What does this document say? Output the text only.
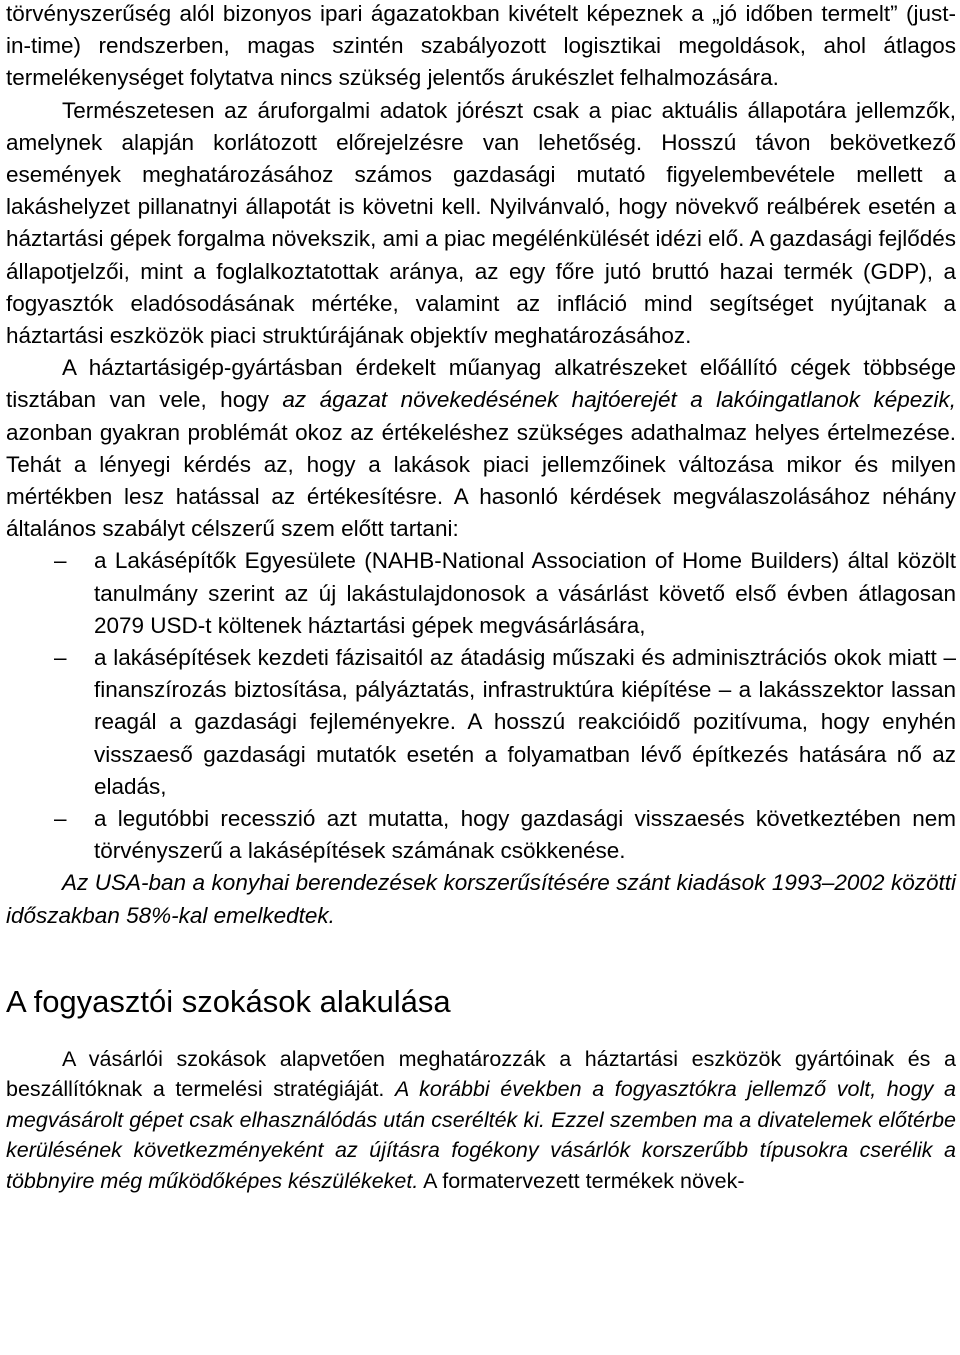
törvényszerűség alól bizonyos ipari ágazatokban kivételt képeznek a „jó időben termelt” (just-in-time) rendszerben, magas szintén szabályozott logisztikai megoldások, ahol átlagos termelékenységet folytatva nincs szükség jelentős árukészlet felhalmozására.

Természetesen az áruforgalmi adatok jórészt csak a piac aktuális állapotára jellemzők, amelynek alapján korlátozott előrejelzésre van lehetőség. Hosszú távon bekövetkező események meghatározásához számos gazdasági mutató figyelembevétele mellett a lakáshelyzet pillanatnyi állapotát is követni kell. Nyilvánvaló, hogy növekvő reálbérek esetén a háztartási gépek forgalma növekszik, ami a piac megélénkülését idézi elő. A gazdasági fejlődés állapotjelzői, mint a foglalkoztatottak aránya, az egy főre jutó bruttó hazai termék (GDP), a fogyasztók eladósodásának mértéke, valamint az infláció mind segítséget nyújtanak a háztartási eszközök piaci struktúrájának objektív meghatározásához.

A háztartásigép-gyártásban érdekelt műanyag alkatrészeket előállító cégek többsége tisztában van vele, hogy az ágazat növekedésének hajtóerejét a lakóingatlanok képezik, azonban gyakran problémát okoz az értékeléshez szükséges adathalmaz helyes értelmezése. Tehát a lényegi kérdés az, hogy a lakások piaci jellemzőinek változása mikor és milyen mértékben lesz hatással az értékesítésre. A hasonló kérdések megválaszolásához néhány általános szabályt célszerű szem előtt tartani:

– a Lakásépítők Egyesülete (NAHB-National Association of Home Builders) által közölt tanulmány szerint az új lakástulajdonosok a vásárlást követő első évben átlagosan 2079 USD-t költenek háztartási gépek megvásárlására,
– a lakásépítések kezdeti fázisaitól az átadásig műszaki és adminisztrációs okok miatt – finanszírozás biztosítása, pályáztatás, infrastruktúra kiépítése – a lakásszektor lassan reagál a gazdasági fejleményekre. A hosszú reakcióidő pozitívuma, hogy enyhén visszaeső gazdasági mutatók esetén a folyamatban lévő építkezés hatására nő az eladás,
– a legutóbbi recesszió azt mutatta, hogy gazdasági visszaesés következtében nem törvényszerű a lakásépítések számának csökkenése.

Az USA-ban a konyhai berendezések korszerűsítésére szánt kiadások 1993–2002 közötti időszakban 58%-kal emelkedtek.

A fogyasztói szokások alakulása

A vásárlói szokások alapvetően meghatározzák a háztartási eszközök gyártóinak és a beszállítóknak a termelési stratégiáját. A korábbi években a fogyasztókra jellemző volt, hogy a megvásárolt gépet csak elhasználódás után cserélték ki. Ezzel szemben ma a divatelemek előtérbe kerülésének következményeként az újításra fogékony vásárlók korszerűbb típusokra cserélik a többnyire még működőképes készülékeket. A formatervezett termékek növek-
